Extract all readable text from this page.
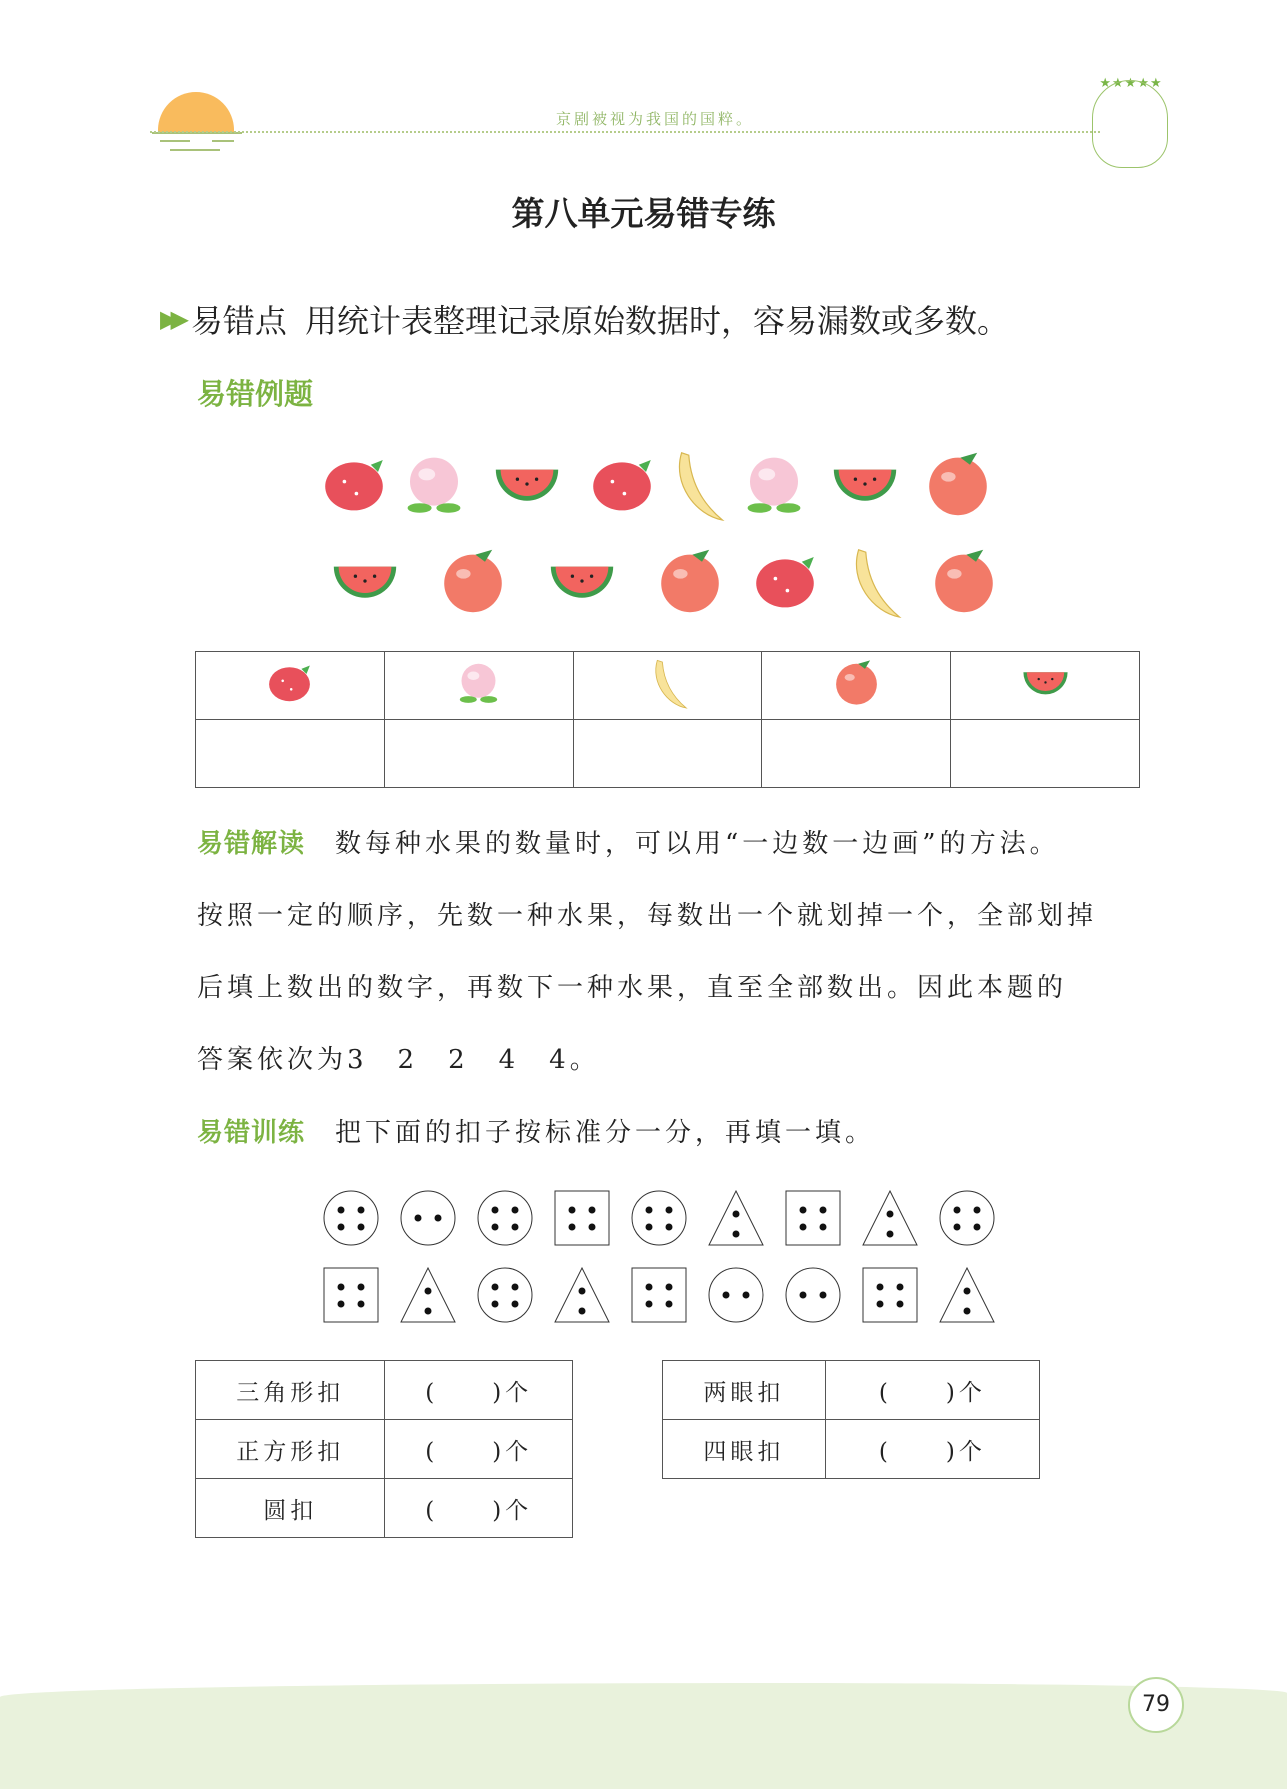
京剧被视为我国的国粹。
★★★★★
第八单元易错专练
▶▶ 易错点 用统计表整理记录原始数据时，容易漏数或多数。
易错例题

易错解读 数每种水果的数量时，可以用“一边数一边画”的方法。
按照一定的顺序，先数一种水果，每数出一个就划掉一个，全部划掉
后填上数出的数字，再数下一种水果，直至全部数出。因此本题的
答案依次为3　2　2　4　4。
易错训练 把下面的扣子按标准分一分，再填一填。
三角形扣	(　　)个
正方形扣	(　　)个
圆扣	(　　)个
两眼扣	(　　)个
四眼扣	(　　)个
79
